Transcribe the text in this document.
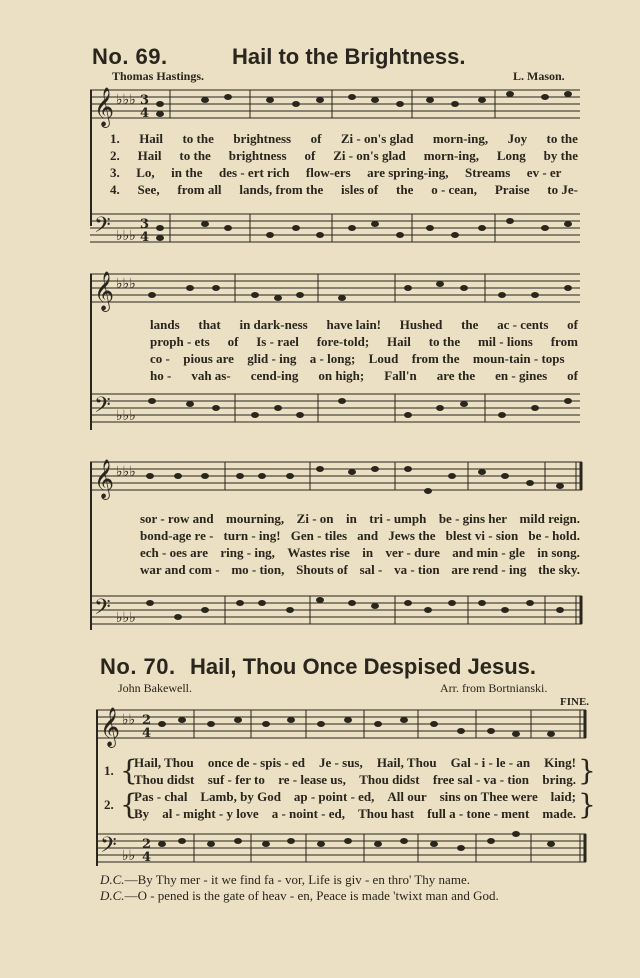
No. 69.	Hail to the Brightness.
Thomas Hastings.	L. Mason.
𝄞 ♭♭♭ 3
4
1. Hail to the brightness of Zi - on's glad morn-ing, Joy to the
2. Hail to the brightness of Zi - on's glad morn-ing, Long by the
3. Lo, in the des - ert rich flow-ers are spring-ing, Streams ev - er
4. See, from all lands, from the isles of the o - cean, Praise to Je-
𝄢 ♭♭♭
3
4
𝄞 ♭♭♭
lands that in dark-ness have lain! Hushed the ac - cents of
proph - ets of Is - rael fore-told; Hail to the mil - lions from
co - pious are glid - ing a - long; Loud from the moun-tain - tops
ho - vah as- cend-ing on high; Fall'n are the en - gines of
𝄢 ♭♭♭
𝄞 ♭♭♭
sor - row and mourning, Zi - on in tri - umph be - gins her mild reign.
bond-age re - turn - ing! Gen - tiles and Jews the blest vi - sion be - hold.
ech - oes are ring - ing, Wastes rise in ver - dure and min - gle in song.
war and com - mo - tion, Shouts of sal - va - tion are rend - ing the sky.
𝄢 ♭♭♭
No. 70. Hail, Thou Once Despised Jesus.
John Bakewell.	Arr. from Bortnianski.
FINE.
𝄞 ♭♭ 2
4
1. {	}
Hail, Thou once de - spis - ed Je - sus, Hail, Thou Gal - i - le - an King!
Thou didst suf - fer to re - lease us, Thou didst free sal - va - tion bring.
2. {	}
Pas - chal Lamb, by God ap - point - ed, All our sins on Thee were laid;
By al - might - y love a - noint - ed, Thou hast full a - tone - ment made.
𝄢 ♭♭
2
4
D.C.—By Thy mer - it we find fa - vor, Life is giv - en thro' Thy name.
D.C.—O - pened is the gate of heav - en, Peace is made 'twixt man and God.
